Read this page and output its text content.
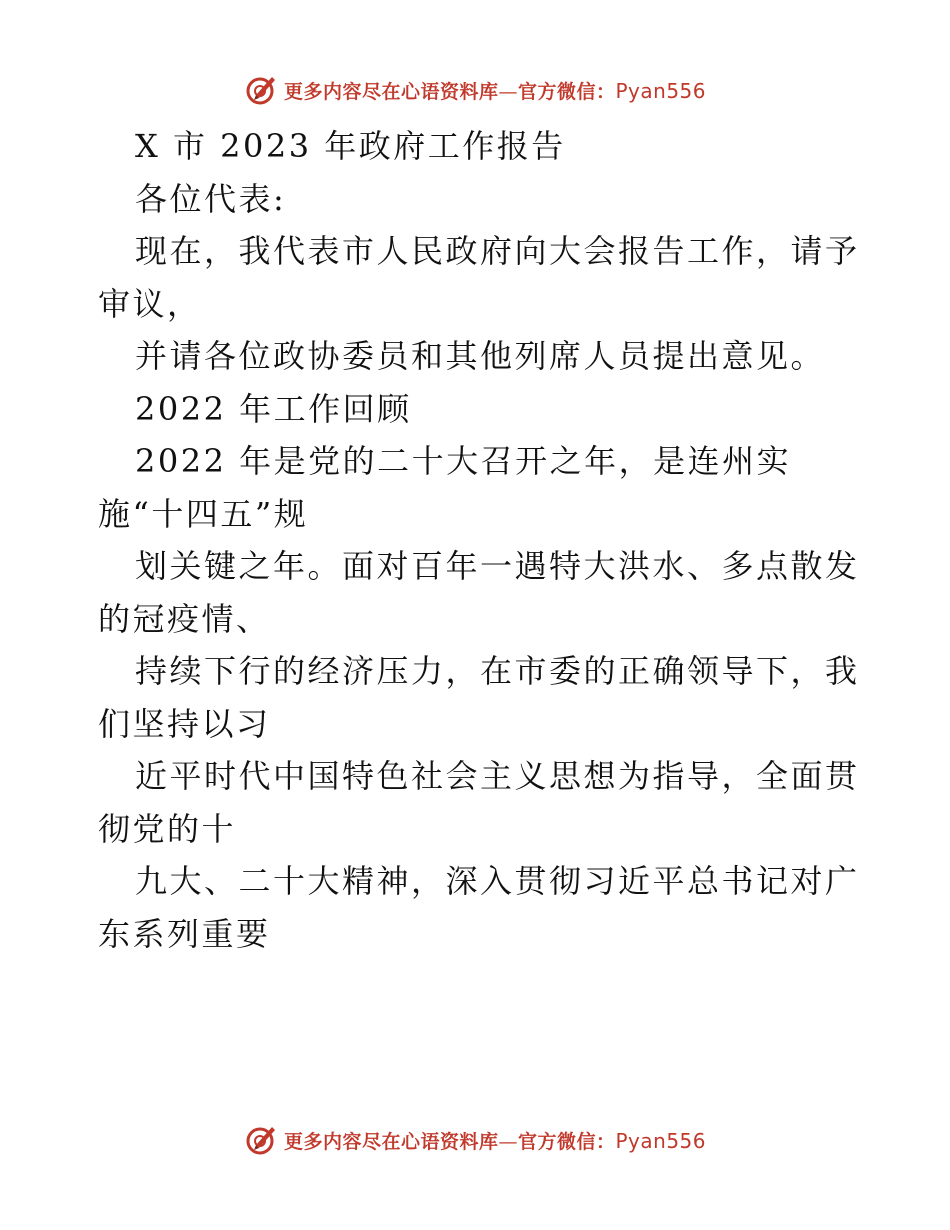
更多内容尽在心语资料库—官方微信：Pyan556
X 市 2023 年政府工作报告
各位代表:
现在，我代表市人民政府向大会报告工作，请予
审议，
并请各位政协委员和其他列席人员提出意见。
2022 年工作回顾
2022 年是党的二十大召开之年，是连州实
施“十四五”规
划关键之年。面对百年一遇特大洪水、多点散发
的冠疫情、
持续下行的经济压力，在市委的正确领导下，我
们坚持以习
近平时代中国特色社会主义思想为指导，全面贯
彻党的十
九大、二十大精神，深入贯彻习近平总书记对广
东系列重要
更多内容尽在心语资料库—官方微信：Pyan556
